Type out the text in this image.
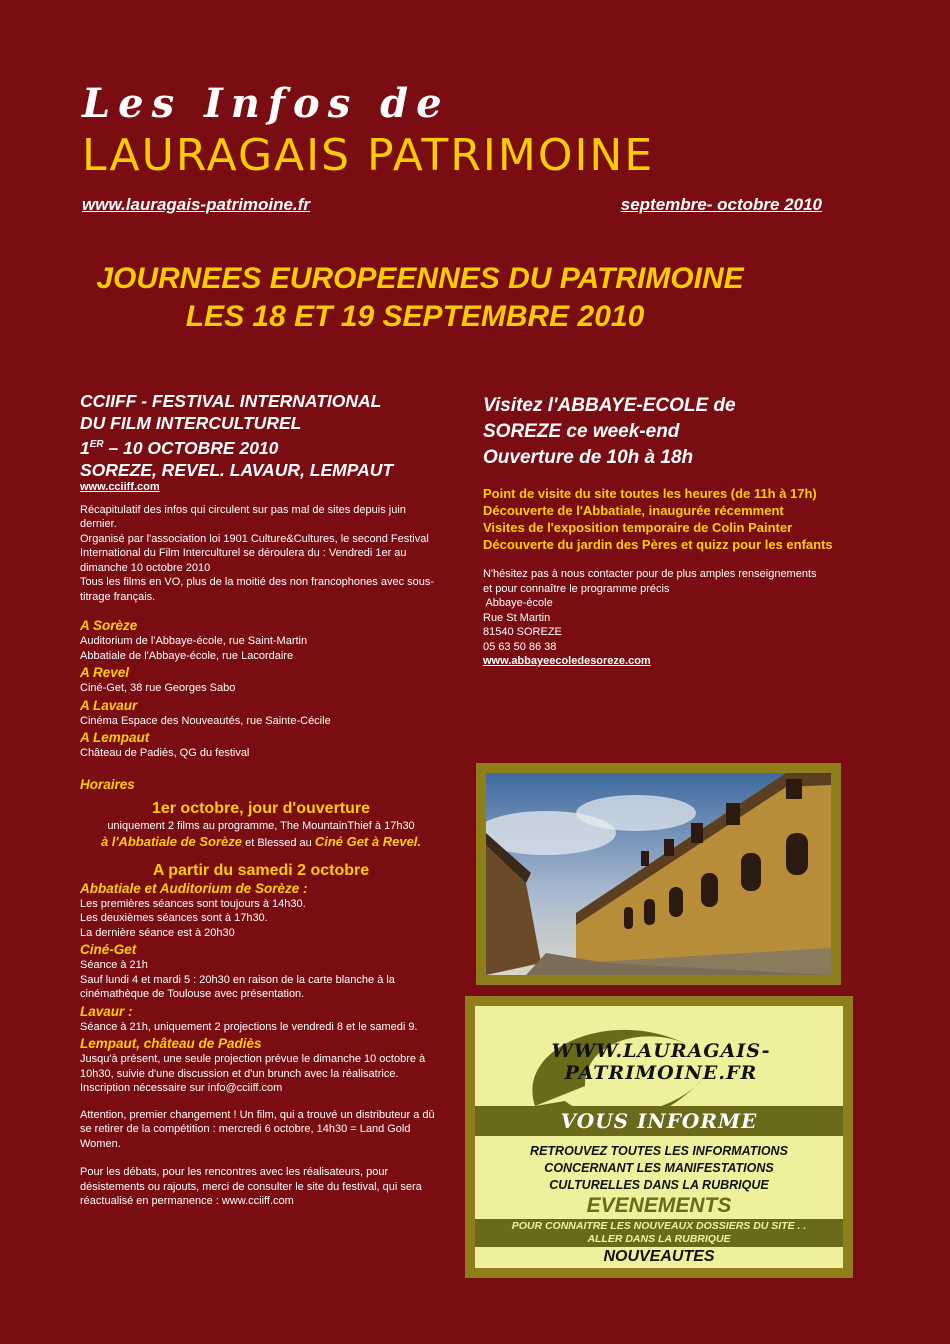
Les Infos de
LAURAGAIS PATRIMOINE
www.lauragais-patrimoine.fr	septembre- octobre 2010
JOURNEES EUROPEENNES DU PATRIMOINE
LES 18 ET 19 SEPTEMBRE 2010
CCIIFF - FESTIVAL INTERNATIONAL
DU FILM INTERCULTUREL
1ER – 10 OCTOBRE 2010
SOREZE, REVEL. LAVAUR, LEMPAUT
www.cciiff.com
Récapitulatif des infos qui circulent sur pas mal de sites depuis juin dernier.
Organisé par l'association loi 1901 Culture&Cultures, le second Festival International du Film Interculturel se déroulera du : Vendredi 1er au dimanche 10 octobre 2010
Tous les films en VO, plus de la moitié des non francophones avec sous-titrage français.
A Sorèze
Auditorium de l'Abbaye-école, rue Saint-Martin
Abbatiale de l'Abbaye-école, rue Lacordaire
A Revel
Ciné-Get, 38 rue Georges Sabo
A Lavaur
Cinéma Espace des Nouveautés, rue Sainte-Cécile
A Lempaut
Château de Padiès, QG du festival
Horaires
1er octobre, jour d'ouverture
uniquement 2 films au programme, The MountainThief à 17h30
à l'Abbatiale de Sorèze et Blessed au Ciné Get à Revel.
A partir du samedi 2 octobre
Abbatiale et Auditorium de Sorèze :
Les premières séances sont toujours à 14h30.
Les deuxièmes séances sont à 17h30.
La dernière séance est à 20h30
Ciné-Get
Séance à 21h
Sauf lundi 4 et mardi 5 : 20h30 en raison de la carte blanche à la cinémathèque de Toulouse avec présentation.
Lavaur :
Séance à 21h, uniquement 2 projections le vendredi 8 et le samedi 9.
Lempaut, château de Padiès
Jusqu'à présent, une seule projection prévue le dimanche 10 octobre à 10h30, suivie d'une discussion et d'un brunch avec la réalisatrice. Inscription nécessaire sur info@cciiff.com
Attention, premier changement ! Un film, qui a trouvé un distributeur a dû se retirer de la compétition : mercredi 6 octobre, 14h30 = Land Gold Women.
Pour les débats, pour les rencontres avec les réalisateurs, pour désistements ou rajouts, merci de consulter le site du festival, qui sera réactualisé en permanence : www.cciiff.com
Visitez l'ABBAYE-ECOLE de
SOREZE ce week-end
Ouverture de 10h à 18h
Point de visite du site toutes les heures (de 11h à 17h)
Découverte de l'Abbatiale, inaugurée récemment
Visites de l'exposition temporaire de Colin Painter
Découverte du jardin des Pères et quizz pour les enfants
N'hésitez pas à nous contacter pour de plus amples renseignements
et pour connaître le programme précis
Abbaye-école
Rue St Martin
81540 SOREZE
05 63 50 86 38
www.abbayeecoledesoreze.com
WWW.LAURAGAIS-PATRIMOINE.FR
VOUS INFORME
RETROUVEZ TOUTES LES INFORMATIONS
CONCERNANT LES MANIFESTATIONS
CULTURELLES DANS LA RUBRIQUE
EVENEMENTS
POUR CONNAITRE LES NOUVEAUX DOSSIERS DU SITE . .
ALLER DANS LA RUBRIQUE
NOUVEAUTES
